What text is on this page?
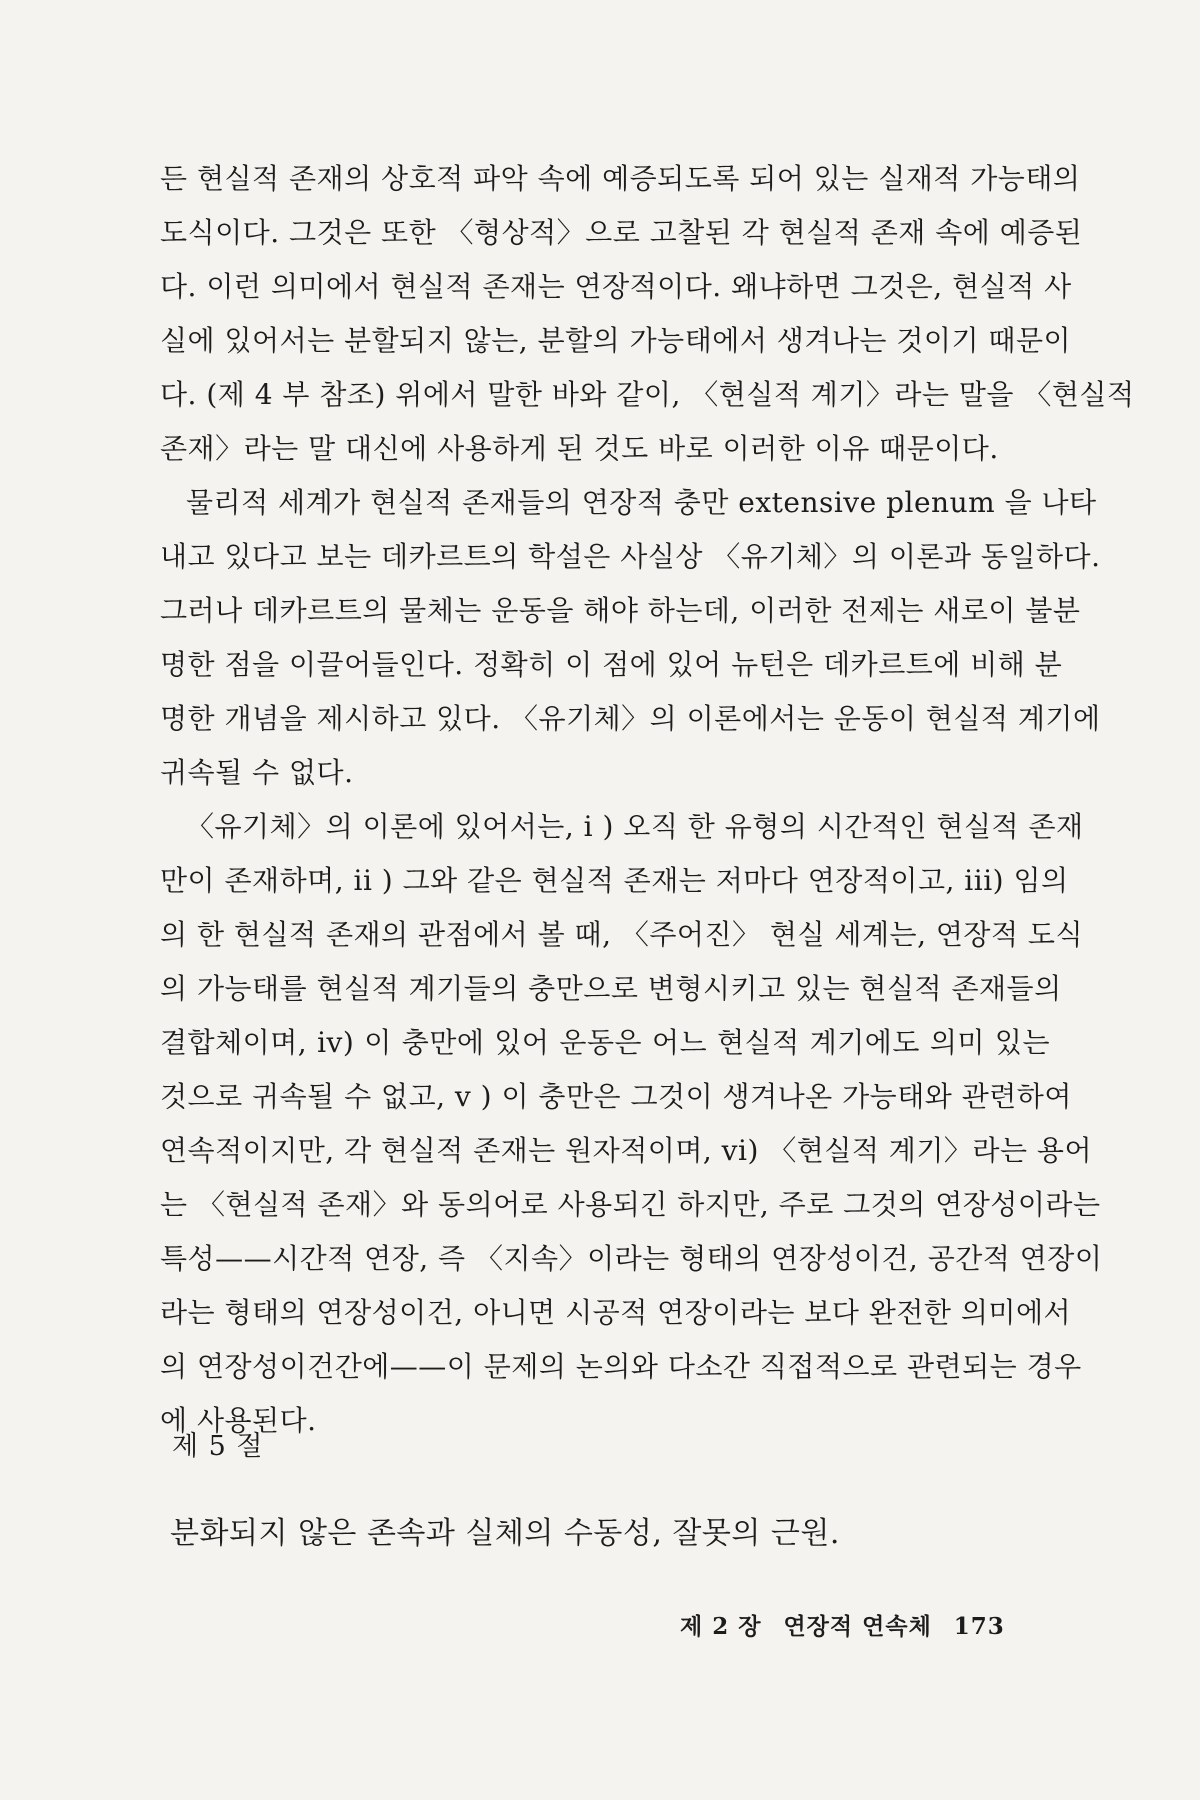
든 현실적 존재의 상호적 파악 속에 예증되도록 되어 있는 실재적 가능태의
도식이다. 그것은 또한 〈형상적〉으로 고찰된 각 현실적 존재 속에 예증된
다. 이런 의미에서 현실적 존재는 연장적이다. 왜냐하면 그것은, 현실적 사
실에 있어서는 분할되지 않는, 분할의 가능태에서 생겨나는 것이기 때문이
다. (제 4 부 참조) 위에서 말한 바와 같이, 〈현실적 계기〉라는 말을 〈현실적
존재〉라는 말 대신에 사용하게 된 것도 바로 이러한 이유 때문이다.

물리적 세계가 현실적 존재들의 연장적 충만 extensive plenum 을 나타
내고 있다고 보는 데카르트의 학설은 사실상 〈유기체〉의 이론과 동일하다.
그러나 데카르트의 물체는 운동을 해야 하는데, 이러한 전제는 새로이 불분
명한 점을 이끌어들인다. 정확히 이 점에 있어 뉴턴은 데카르트에 비해 분
명한 개념을 제시하고 있다. 〈유기체〉의 이론에서는 운동이 현실적 계기에
귀속될 수 없다.

〈유기체〉의 이론에 있어서는, i ) 오직 한 유형의 시간적인 현실적 존재
만이 존재하며, ii ) 그와 같은 현실적 존재는 저마다 연장적이고, iii) 임의
의 한 현실적 존재의 관점에서 볼 때, 〈주어진〉 현실 세계는, 연장적 도식
의 가능태를 현실적 계기들의 충만으로 변형시키고 있는 현실적 존재들의
결합체이며, iv) 이 충만에 있어 운동은 어느 현실적 계기에도 의미 있는
것으로 귀속될 수 없고, v ) 이 충만은 그것이 생겨나온 가능태와 관련하여
연속적이지만, 각 현실적 존재는 원자적이며, vi) 〈현실적 계기〉라는 용어
는 〈현실적 존재〉와 동의어로 사용되긴 하지만, 주로 그것의 연장성이라는
특성——시간적 연장, 즉 〈지속〉이라는 형태의 연장성이건, 공간적 연장이
라는 형태의 연장성이건, 아니면 시공적 연장이라는 보다 완전한 의미에서
의 연장성이건간에——이 문제의 논의와 다소간 직접적으로 관련되는 경우
에 사용된다.

제 5 절

분화되지 않은 존속과 실체의 수동성, 잘못의 근원.

제 2 장 연장적 연속체 173
